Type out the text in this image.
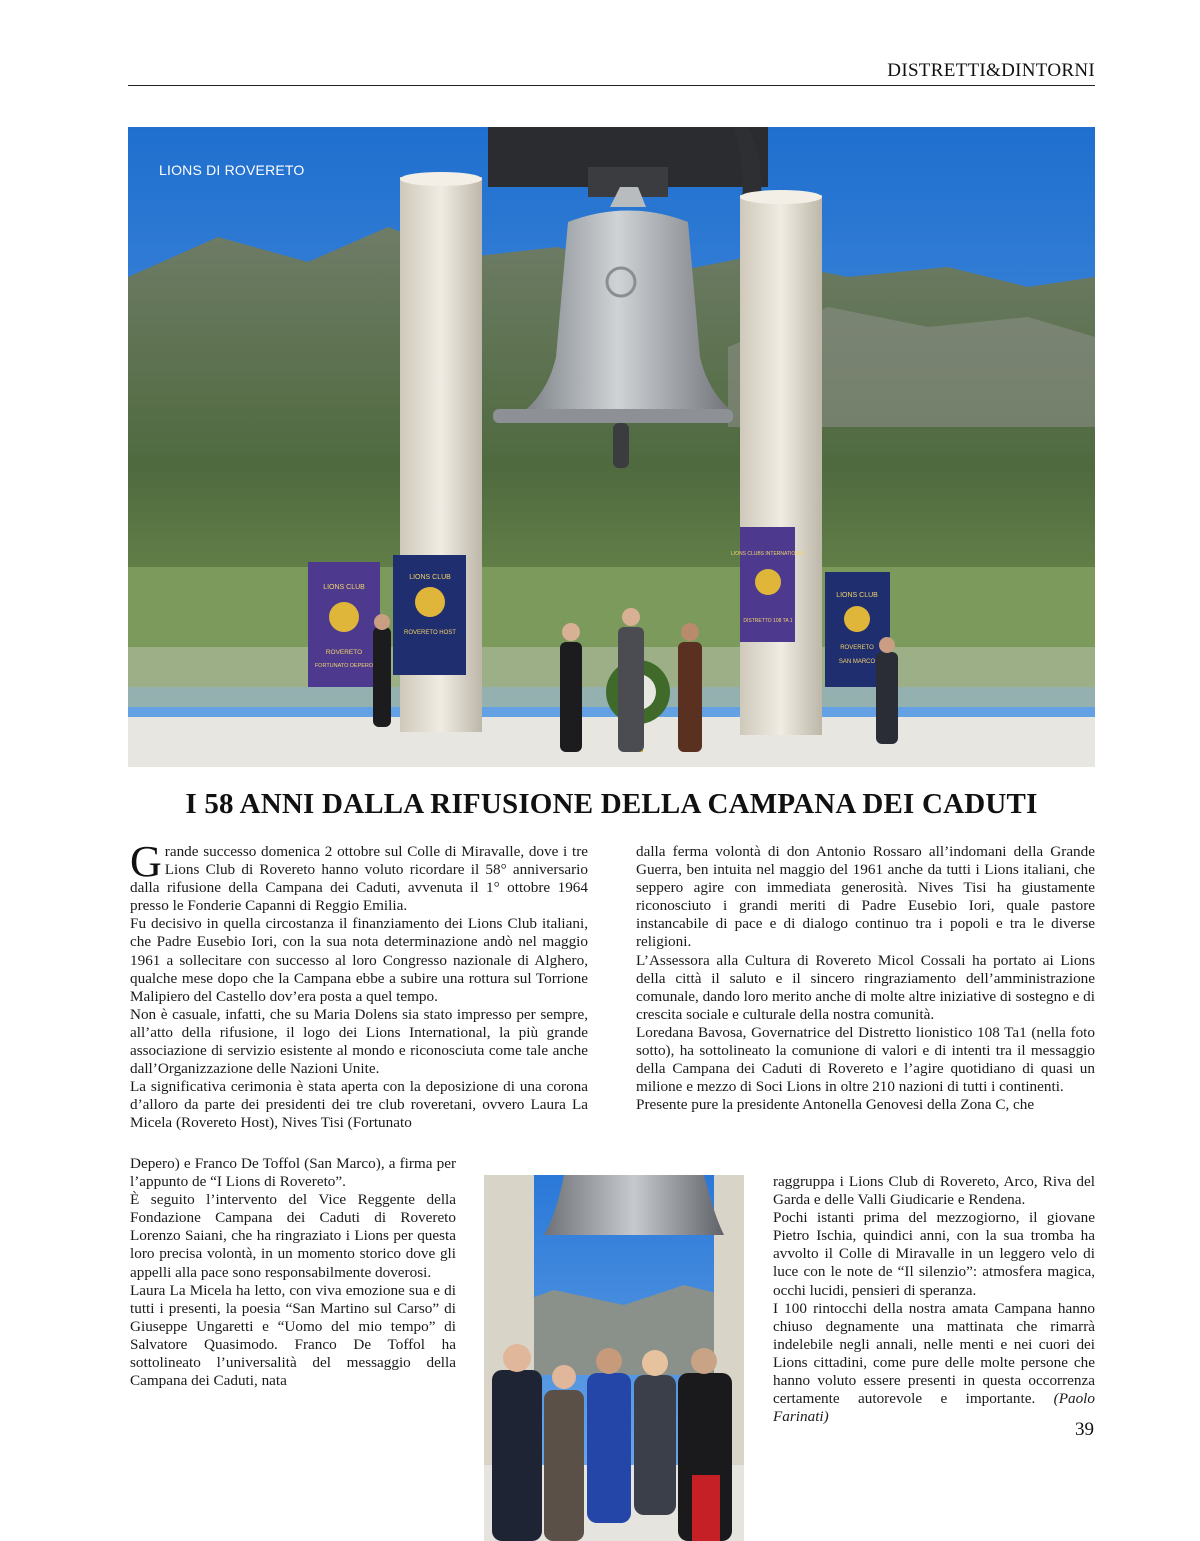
DISTRETTI&DINTORNI
LIONS CLUB
ROVERETO
FORTUNATO DEPERO
LIONS CLUB
ROVERETO HOST
LIONS CLUBS INTERNATIONAL
DISTRETTO 108 TA 1
LIONS CLUB
ROVERETO
SAN MARCO
LIONS DI ROVERETO
I 58 ANNI DALLA RIFUSIONE DELLA CAMPANA DEI CADUTI

Grande successo domenica 2 ottobre sul Colle di Miravalle, dove i tre Lions Club di Rovereto hanno voluto ricordare il 58° anniversario dalla rifusione della Campana dei Caduti, avvenuta il 1° ottobre 1964 presso le Fonderie Capanni di Reggio Emilia.

Fu decisivo in quella circostanza il finanziamento dei Lions Club italiani, che Padre Eusebio Iori, con la sua nota determinazione andò nel maggio 1961 a sollecitare con successo al loro Congresso nazionale di Alghero, qualche mese dopo che la Campana ebbe a subire una rottura sul Torrione Malipiero del Castello dov’era posta a quel tempo.

Non è casuale, infatti, che su Maria Dolens sia stato impresso per sempre, all’atto della rifusione, il logo dei Lions International, la più grande associazione di servizio esistente al mondo e riconosciuta come tale anche dall’Organizzazione delle Nazioni Unite.

La significativa cerimonia è stata aperta con la deposizione di una corona d’alloro da parte dei presidenti dei tre club roveretani, ovvero Laura La Micela (Rovereto Host), Nives Tisi (Fortunato

Depero) e Franco De Toffol (San Marco), a firma per l’appunto de “I Lions di Rovereto”.

È seguito l’intervento del Vice Reggente della Fondazione Campana dei Caduti di Rovereto Lorenzo Saiani, che ha ringraziato i Lions per questa loro precisa volontà, in un momento storico dove gli appelli alla pace sono responsabilmente doverosi.

Laura La Micela ha letto, con viva emozione sua e di tutti i presenti, la poesia “San Martino sul Carso” di Giuseppe Ungaretti e “Uomo del mio tempo” di Salvatore Quasimodo. Franco De Toffol ha sottolineato l’universalità del messaggio della Campana dei Caduti, nata

dalla ferma volontà di don Antonio Rossaro all’indomani della Grande Guerra, ben intuita nel maggio del 1961 anche da tutti i Lions italiani, che seppero agire con immediata generosità. Nives Tisi ha giustamente riconosciuto i grandi meriti di Padre Eusebio Iori, quale pastore instancabile di pace e di dialogo continuo tra i popoli e tra le diverse religioni.

L’Assessora alla Cultura di Rovereto Micol Cossali ha portato ai Lions della città il saluto e il sincero ringraziamento dell’amministrazione comunale, dando loro merito anche di molte altre iniziative di sostegno e di crescita sociale e culturale della nostra comunità.

Loredana Bavosa, Governatrice del Distretto lionistico 108 Ta1 (nella foto sotto), ha sottolineato la comunione di valori e di intenti tra il messaggio della Campana dei Caduti di Rovereto e l’agire quotidiano di quasi un milione e mezzo di Soci Lions in oltre 210 nazioni di tutti i continenti.

Presente pure la presidente Antonella Genovesi della Zona C, che

raggruppa i Lions Club di Rovereto, Arco, Riva del Garda e delle Valli Giudicarie e Rendena.

Pochi istanti prima del mezzogiorno, il giovane Pietro Ischia, quindici anni, con la sua tromba ha avvolto il Colle di Miravalle in un leggero velo di luce con le note de “Il silenzio”: atmosfera magica, occhi lucidi, pensieri di speranza.

I 100 rintocchi della nostra amata Campana hanno chiuso degnamente una mattinata che rimarrà indelebile negli annali, nelle menti e nei cuori dei Lions cittadini, come pure delle molte persone che hanno voluto essere presenti in questa occorrenza certamente autorevole e importante. (Paolo Farinati)

39
